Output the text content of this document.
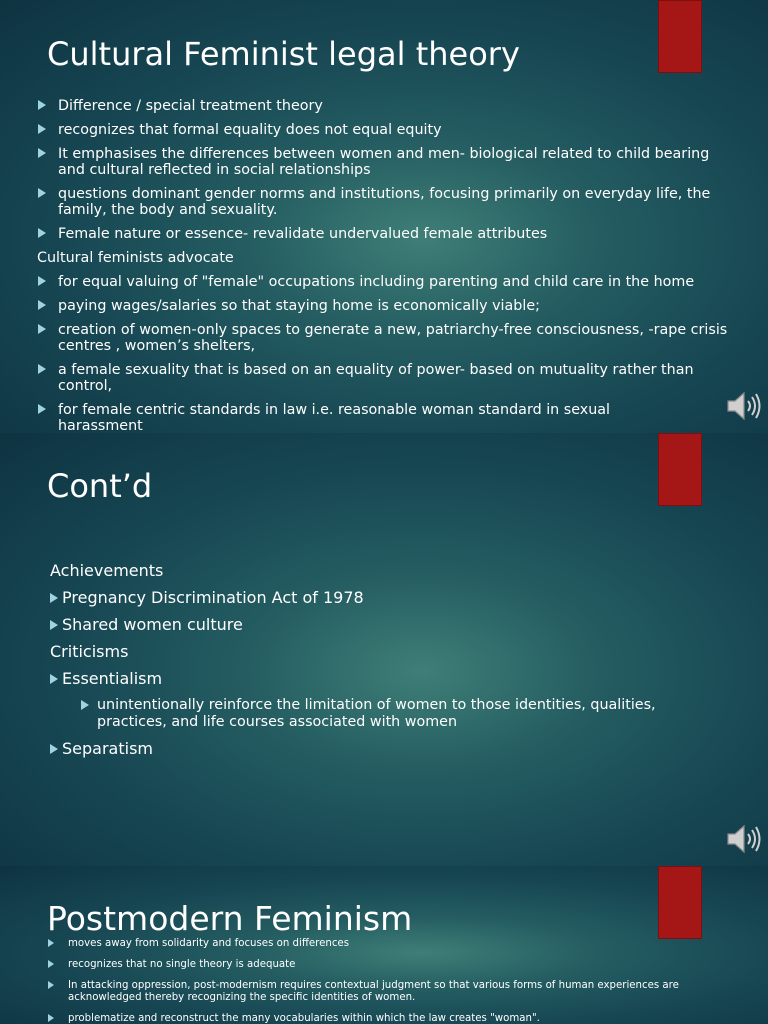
Cultural Feminist legal theory
Difference / special treatment theory
recognizes that formal equality does not equal equity
It emphasises the differences between women and men- biological related to child bearing and cultural reflected in social relationships
questions dominant gender norms and institutions, focusing primarily on everyday life, the family, the body and sexuality.
Female nature or essence- revalidate undervalued female attributes
Cultural feminists advocate
for equal valuing of "female" occupations including parenting and child care in the home
paying wages/salaries so that staying home is economically viable;
creation of women-only spaces to generate a new, patriarchy-free consciousness, -rape crisis centres , women’s shelters,
a female sexuality that is based on an equality of power- based on mutuality rather than control,
for female centric standards in law i.e. reasonable woman standard in sexual harassment
Cont’d
Achievements
Pregnancy Discrimination Act of 1978
Shared women culture
Criticisms
Essentialism
unintentionally reinforce the limitation of women to those identities, qualities, practices, and life courses associated with women
Separatism
Postmodern Feminism
moves away from solidarity and focuses on differences
recognizes that no single theory is adequate
In attacking oppression, post-modernism requires contextual judgment so that various forms of human experiences are acknowledged thereby recognizing the specific identities of women.
problematize and reconstruct the many vocabularies within which the law creates "woman".
